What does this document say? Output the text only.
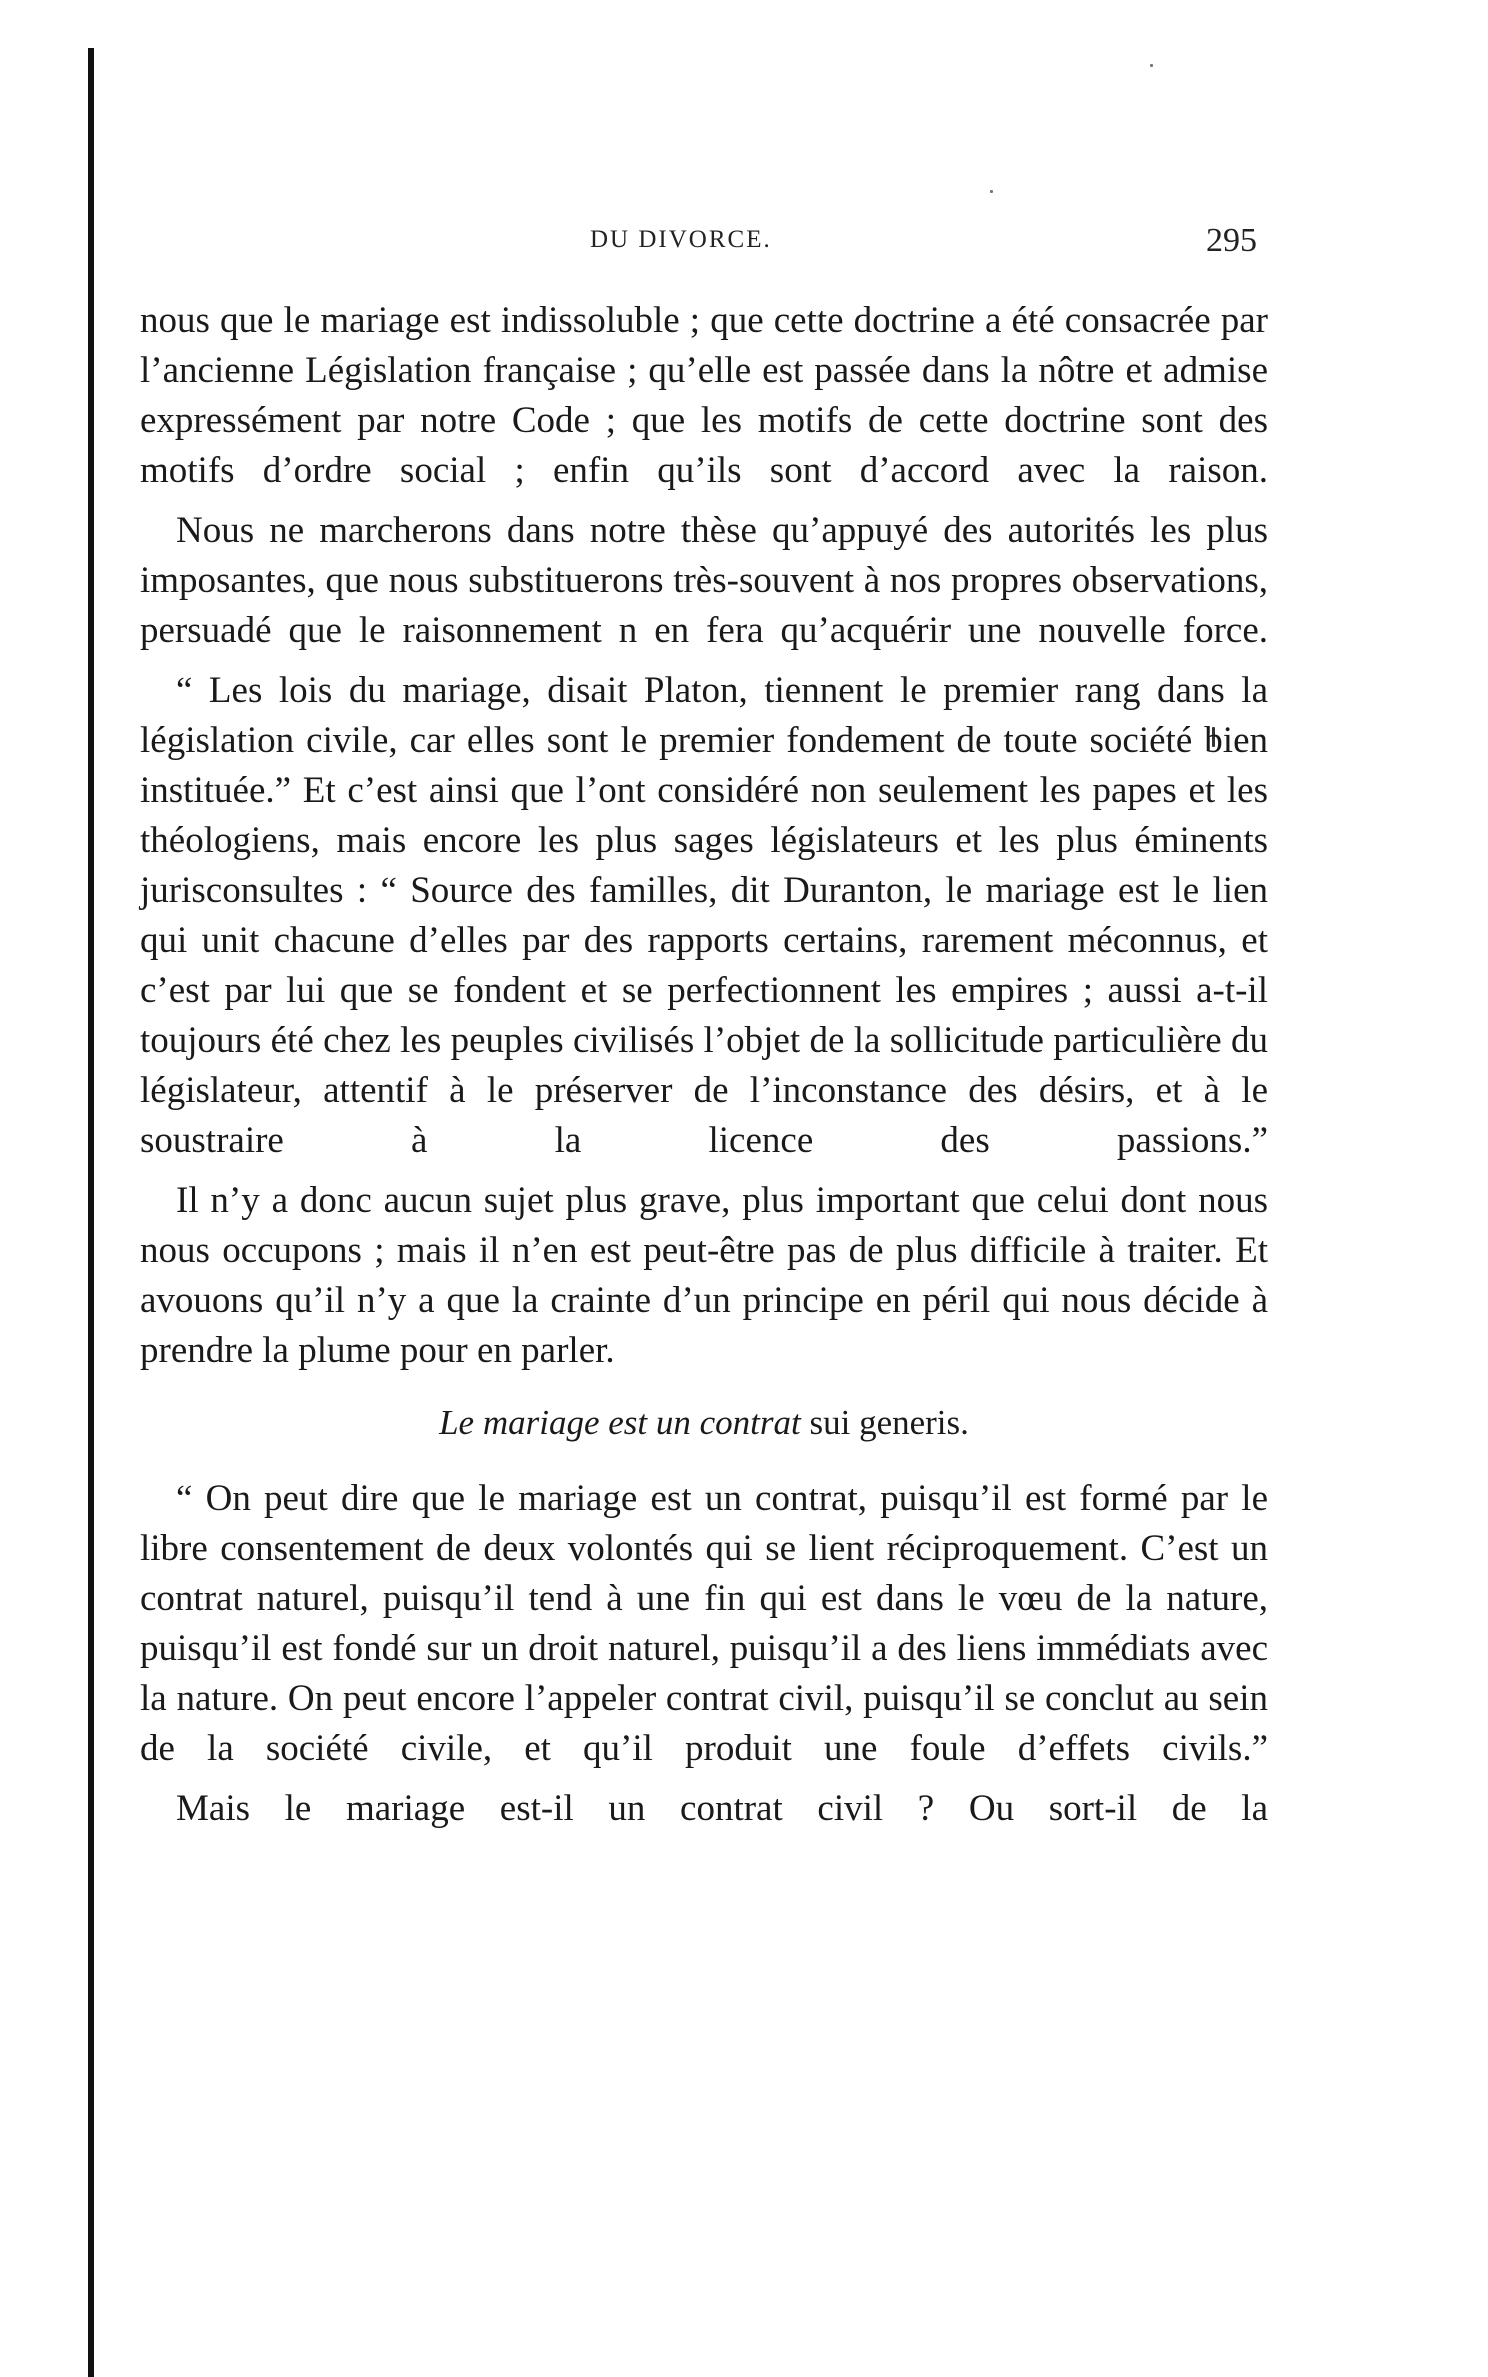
DU DIVORCE.	295

nous que le mariage est indissoluble ; que cette doctrine a été consacrée par l’ancienne Législation française ; qu’elle est passée dans la nôtre et admise expressément par notre Code ; que les motifs de cette doctrine sont des motifs d’ordre social ; enfin qu’ils sont d’accord avec la raison.

Nous ne marcherons dans notre thèse qu’appuyé des autorités les plus imposantes, que nous substituerons très-souvent à nos propres observations, persuadé que le raisonnement n en fera qu’acquérir une nouvelle force.

“ Les lois du mariage, disait Platon, tiennent le premier rang dans la législation civile, car elles sont le premier fondement de toute société bien instituée.” Et c’est ainsi que l’ont considéré non seulement les papes et les théologiens, mais encore les plus sages législateurs et les plus éminents jurisconsultes : “ Source des familles, dit Duranton, le mariage est le lien qui unit chacune d’elles par des rapports certains, rarement méconnus, et c’est par lui que se fondent et se perfectionnent les empires ; aussi a-t-il toujours été chez les peuples civilisés l’objet de la sollicitude particulière du législateur, attentif à le préserver de l’inconstance des désirs, et à le soustraire à la licence des passions.”

Il n’y a donc aucun sujet plus grave, plus important que celui dont nous nous occupons ; mais il n’en est peut-être pas de plus difficile à traiter. Et avouons qu’il n’y a que la crainte d’un principe en péril qui nous décide à prendre la plume pour en parler.

Le mariage est un contrat sui generis.

“ On peut dire que le mariage est un contrat, puisqu’il est formé par le libre consentement de deux volontés qui se lient réciproquement. C’est un contrat naturel, puisqu’il tend à une fin qui est dans le vœu de la nature, puisqu’il est fondé sur un droit naturel, puisqu’il a des liens immédiats avec la nature. On peut encore l’appeler contrat civil, puisqu’il se conclut au sein de la société civile, et qu’il produit une foule d’effets civils.”

Mais le mariage est-il un contrat civil ? Ou sort-il de la
